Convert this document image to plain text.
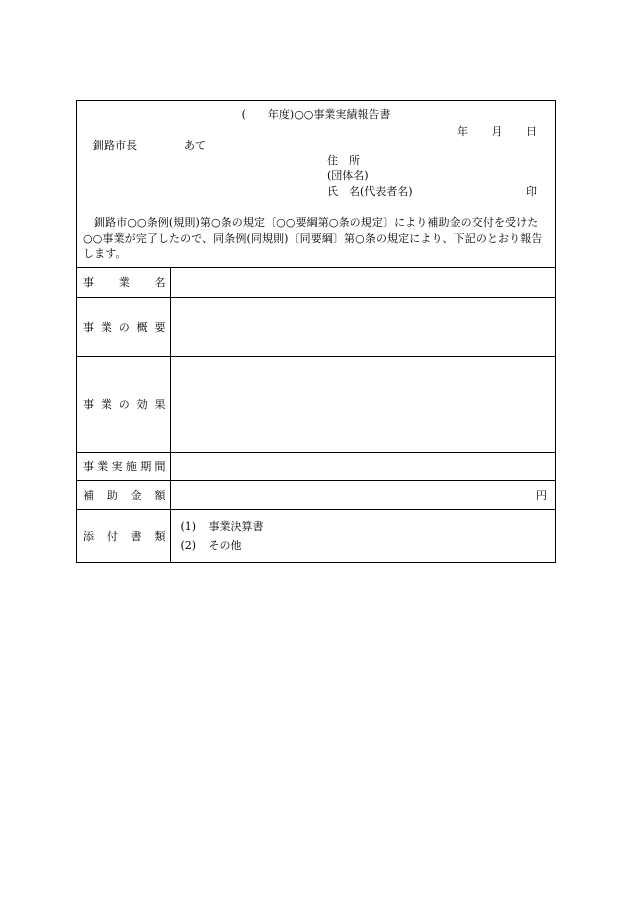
(　　年度)○○事業実績報告書
年 月 日
釧路市長	あて
住　所
(団体名)
氏　名(代表者名)	印
釧路市○○条例(規則)第○条の規定〔○○要綱第○条の規定〕により補助金の交付を受けた○○事業が完了したので、同条例(同規則)〔同要綱〕第○条の規定により、下記のとおり報告します。
事業名	
事業の概要	
事業の効果	
事業実施期間	
補助金額	円
添付書類	(1) 事業決算書
(2) その他
